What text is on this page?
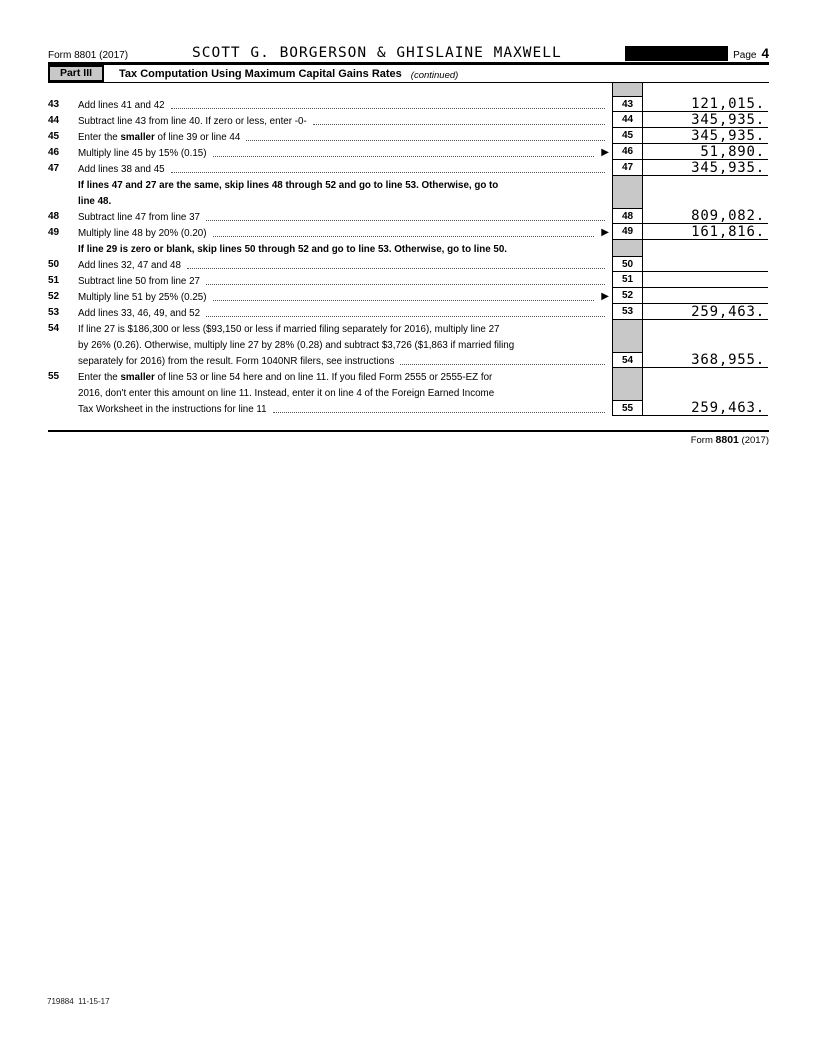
Form 8801 (2017)	SCOTT G. BORGERSON & GHISLAINE MAXWELL	Page 4
Part III	Tax Computation Using Maximum Capital Gains Rates (continued)
43	Add lines 41 and 42	43	121,015.
44	Subtract line 43 from line 40. If zero or less, enter -0-	44	345,935.
45	Enter the smaller of line 39 or line 44	45	345,935.
46	Multiply line 45 by 15% (0.15)	▶	46	51,890.
47	Add lines 38 and 45	47	345,935.
If lines 47 and 27 are the same, skip lines 48 through 52 and go to line 53. Otherwise, go to
line 48.
48	Subtract line 47 from line 37	48	809,082.
49	Multiply line 48 by 20% (0.20)	▶	49	161,816.
If line 29 is zero or blank, skip lines 50 through 52 and go to line 53. Otherwise, go to line 50.
50	Add lines 32, 47 and 48	50
51	Subtract line 50 from line 27	51
52	Multiply line 51 by 25% (0.25)	▶	52
53	Add lines 33, 46, 49, and 52	53	259,463.
54	If line 27 is $186,300 or less ($93,150 or less if married filing separately for 2016), multiply line 27
by 26% (0.26). Otherwise, multiply line 27 by 28% (0.28) and subtract $3,726 ($1,863 if married filing
separately for 2016) from the result. Form 1040NR filers, see instructions	54	368,955.
55	Enter the smaller of line 53 or line 54 here and on line 11. If you filed Form 2555 or 2555-EZ for
2016, don't enter this amount on line 11. Instead, enter it on line 4 of the Foreign Earned Income
Tax Worksheet in the instructions for line 11	55	259,463.
Form 8801 (2017)
719884  11-15-17
